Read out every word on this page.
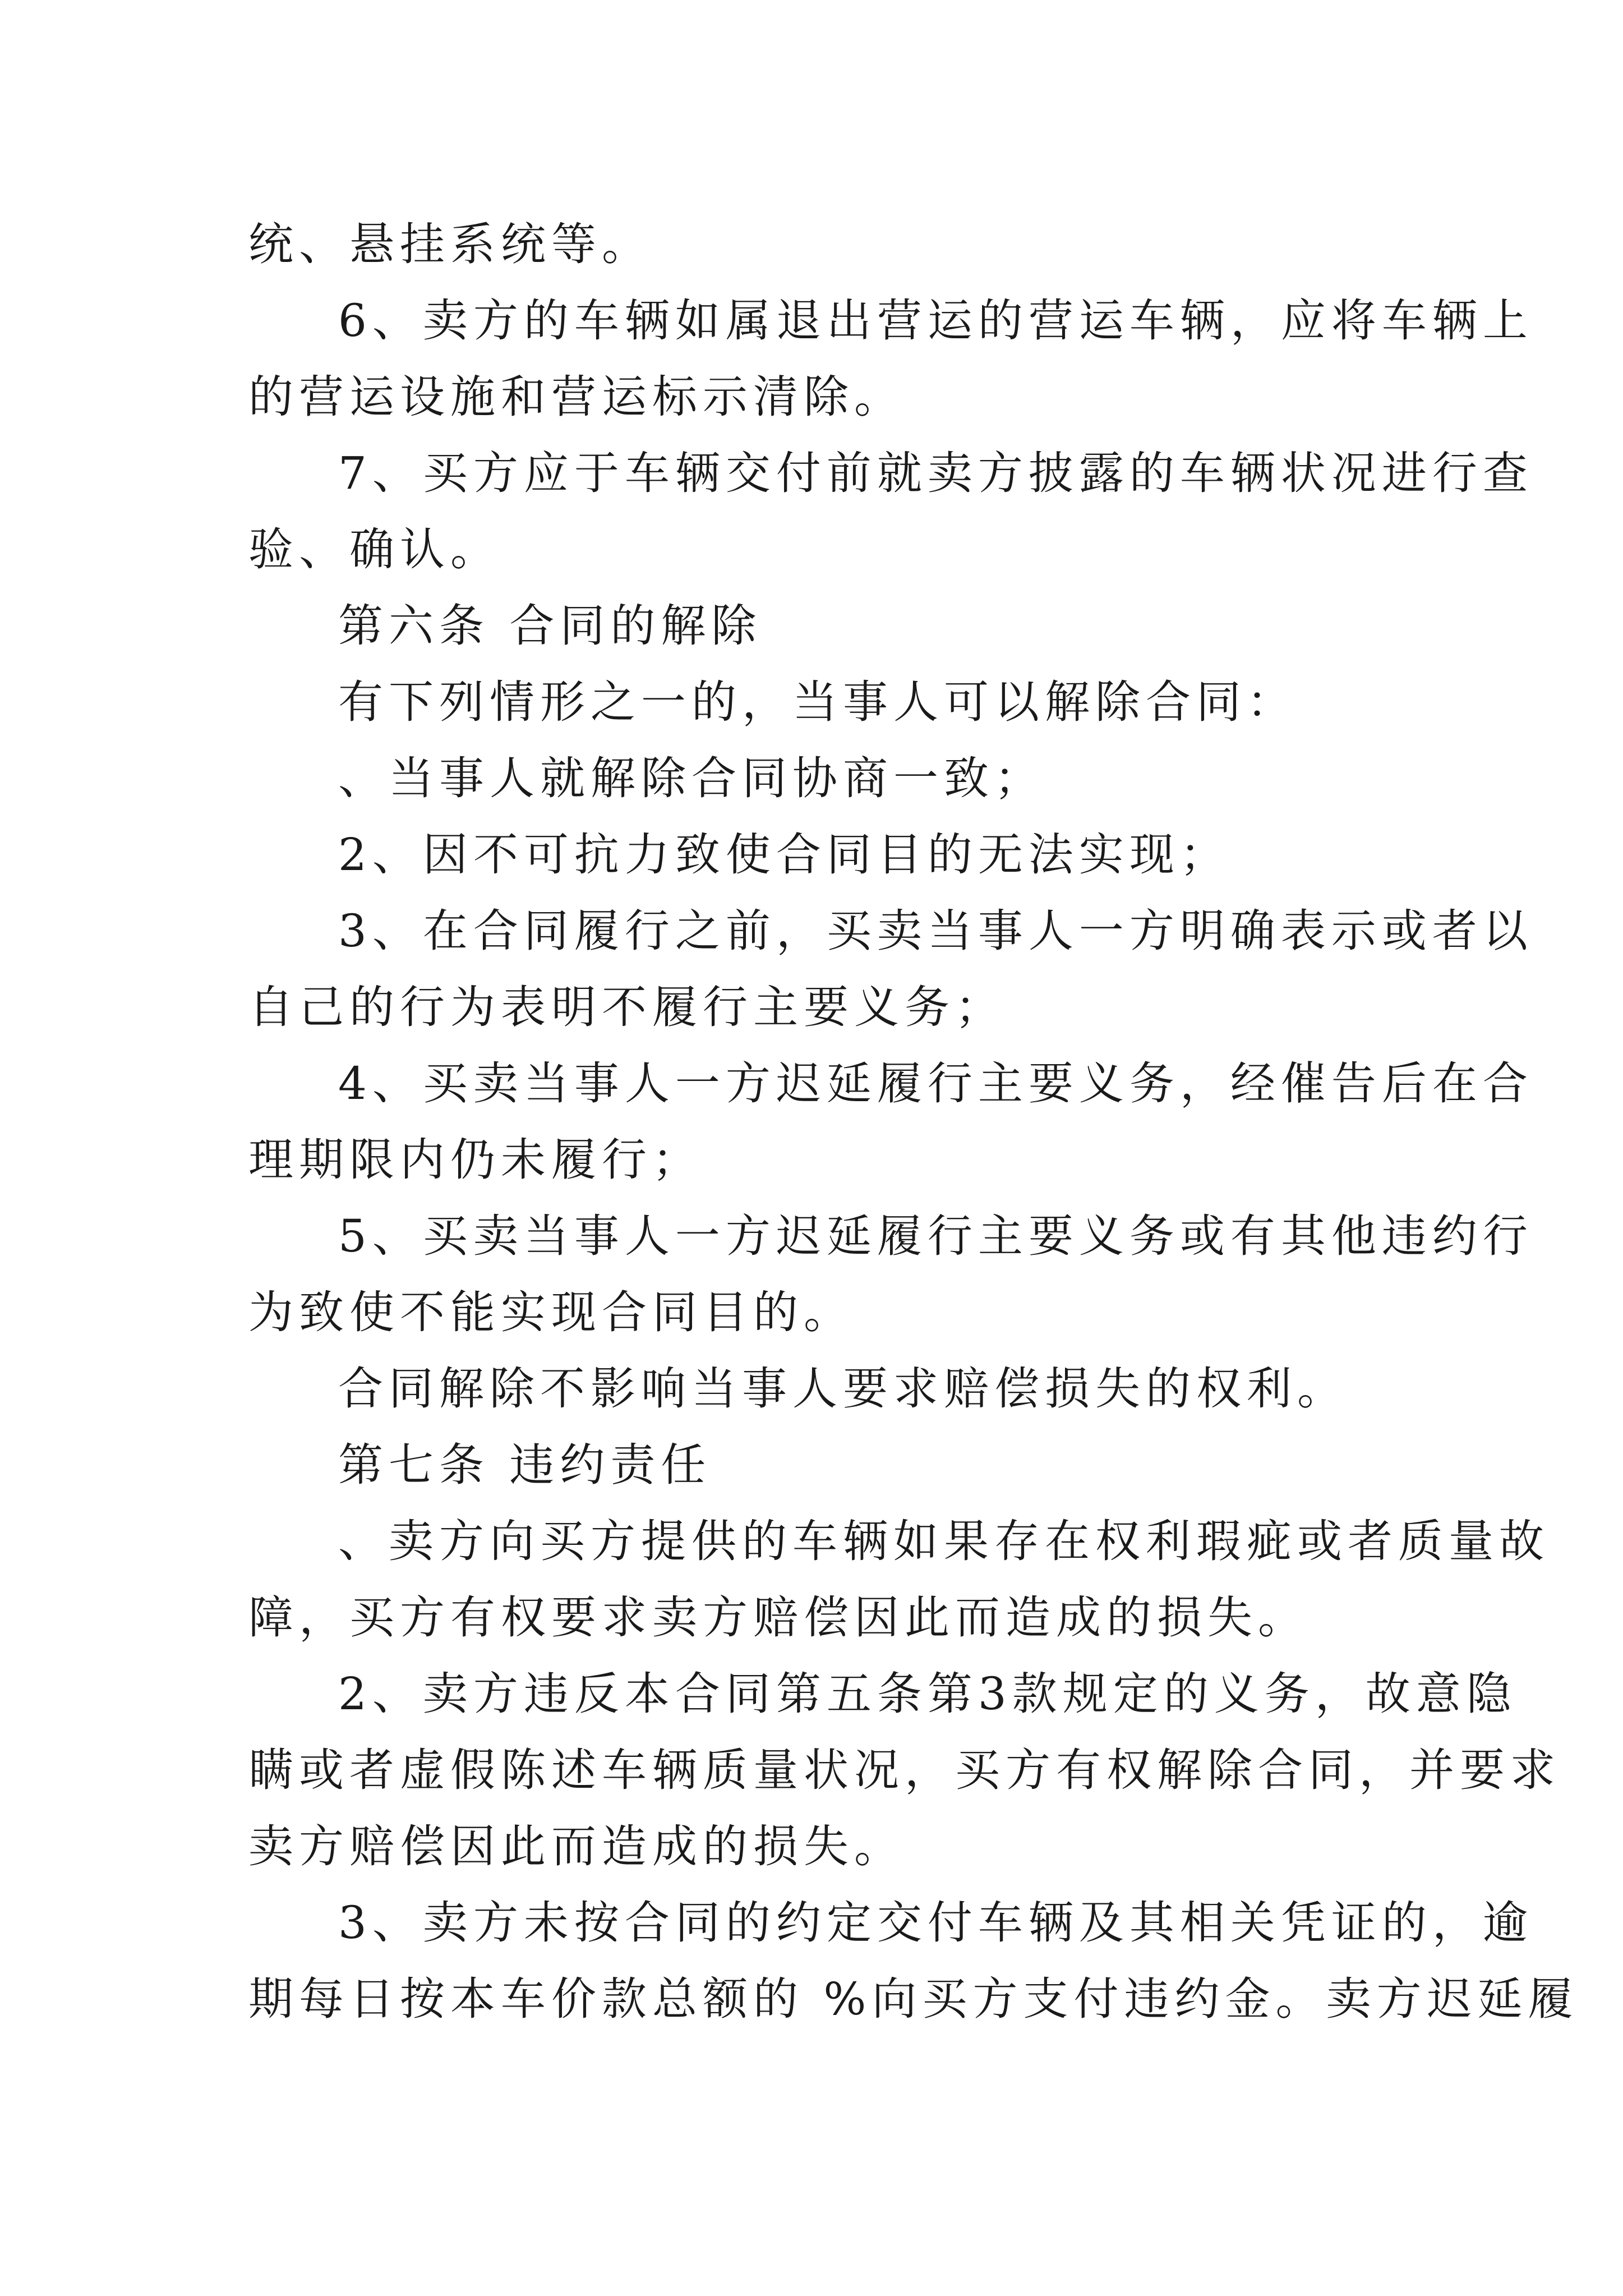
统、悬挂系统等。
6、卖方的车辆如属退出营运的营运车辆，应将车辆上
的营运设施和营运标示清除。
7、买方应于车辆交付前就卖方披露的车辆状况进行查
验、确认。
第六条 合同的解除
有下列情形之一的，当事人可以解除合同：
、当事人就解除合同协商一致；
2、因不可抗力致使合同目的无法实现；
3、在合同履行之前，买卖当事人一方明确表示或者以
自己的行为表明不履行主要义务；
4、买卖当事人一方迟延履行主要义务，经催告后在合
理期限内仍未履行；
5、买卖当事人一方迟延履行主要义务或有其他违约行
为致使不能实现合同目的。
合同解除不影响当事人要求赔偿损失的权利。
第七条 违约责任
、卖方向买方提供的车辆如果存在权利瑕疵或者质量故
障，买方有权要求卖方赔偿因此而造成的损失。
2、卖方违反本合同第五条第3款规定的义务，故意隐
瞒或者虚假陈述车辆质量状况，买方有权解除合同，并要求
卖方赔偿因此而造成的损失。
3、卖方未按合同的约定交付车辆及其相关凭证的，逾
期每日按本车价款总额的 %向买方支付违约金。卖方迟延履
